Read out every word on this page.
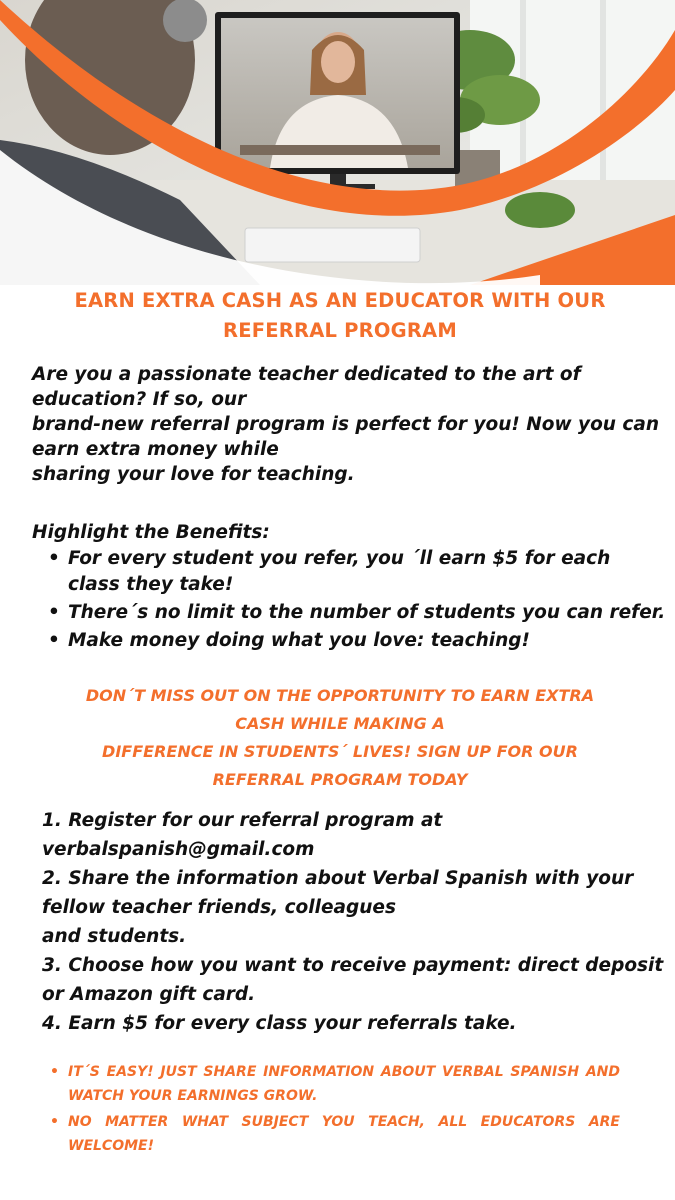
EARN EXTRA CASH AS AN EDUCATOR WITH OUR
REFERRAL PROGRAM
Are you a passionate teacher dedicated to the art of
education? If so, our
brand-new referral program is perfect for you! Now you can
earn extra money while
sharing your love for teaching.
Highlight the Benefits:
• For every student you refer, you ´ll earn $5 for each class they take!
• There´s no limit to the number of students you can refer.
• Make money doing what you love: teaching!
DON´T MISS OUT ON THE OPPORTUNITY TO EARN EXTRA
CASH WHILE MAKING A
DIFFERENCE IN STUDENTS´ LIVES! SIGN UP FOR OUR
REFERRAL PROGRAM TODAY
1. Register for our referral program at
verbalspanish@gmail.com
2. Share the information about Verbal Spanish with your
fellow teacher friends, colleagues
and students.
3. Choose how you want to receive payment: direct deposit
or Amazon gift card.
4. Earn $5 for every class your referrals take.
• IT´S EASY! JUST SHARE INFORMATION ABOUT VERBAL SPANISH AND WATCH YOUR EARNINGS GROW.
• NO MATTER WHAT SUBJECT YOU TEACH, ALL EDUCATORS ARE WELCOME!
